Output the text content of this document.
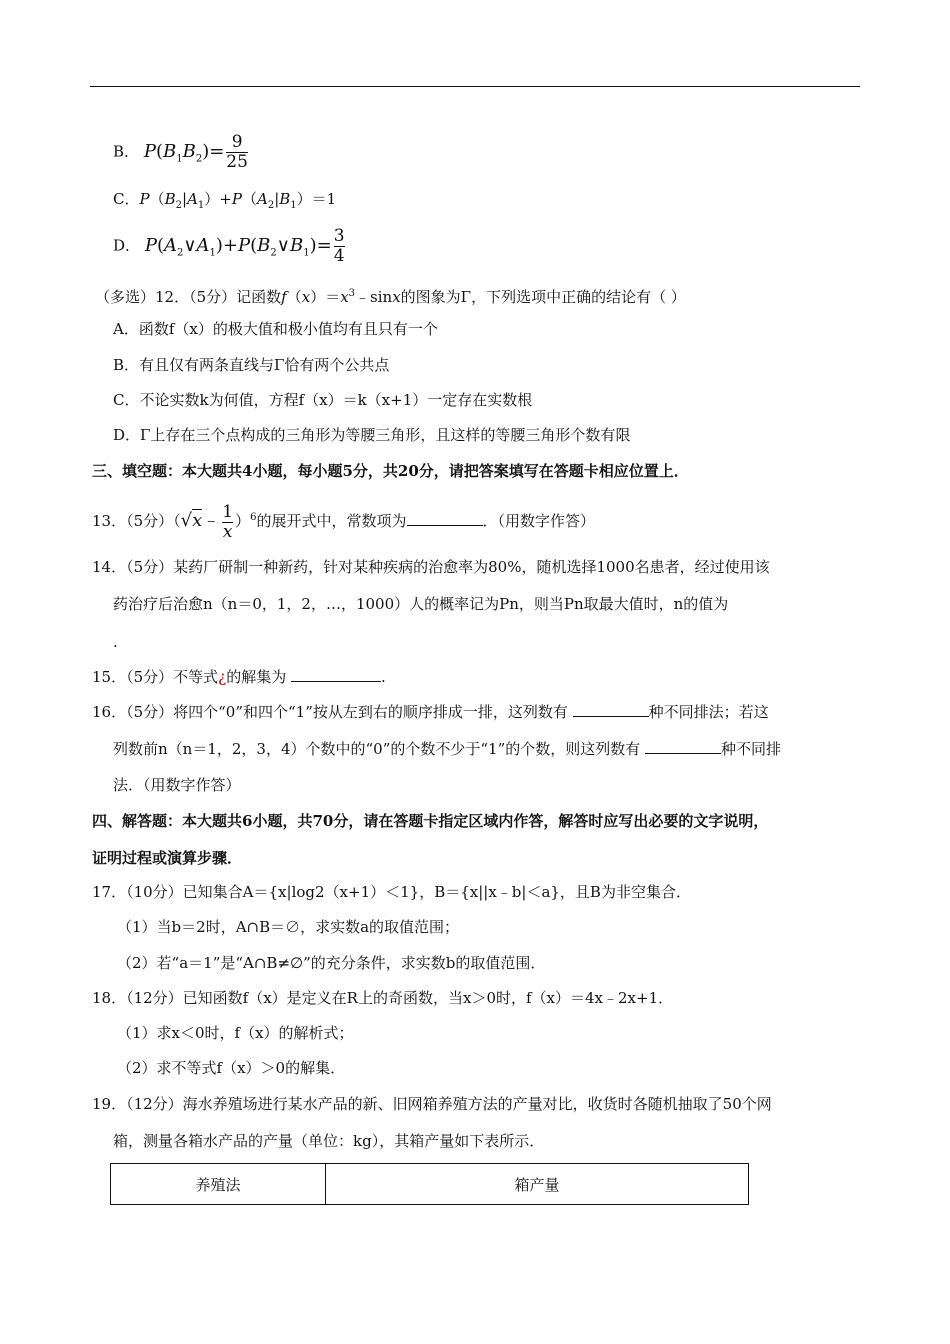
B． $P(B_1B_2)= \frac{9}{25}$
C．$P(B_2|A_1)+P(A_2|B_1)=1$
D． $P(A_2\vee A_1)+P(B_2\vee B_1)= \frac{3}{4}$
（多选）12．（5分）记函数$f(x)=x^3﹣\sin x$的图象为Γ，下列选项中正确的结论有（ ）
A．函数f（x）的极大值和极小值均有且只有一个
B．有且仅有两条直线与Γ恰有两个公共点
C．不论实数k为何值，方程f（x）＝k（x+1）一定存在实数根
D．Γ上存在三个点构成的三角形为等腰三角形，且这样的等腰三角形个数有限
三、填空题：本大题共4小题，每小题5分，共20分，请把答案填写在答题卡相应位置上．
13．（5分）（√x﹣ $\frac{1}{x} )^6$的展开式中，常数项为	．（用数字作答）
14．（5分）某药厂研制一种新药，针对某种疾病的治愈率为80%，随机选择1000名患者，经过使用该
药治疗后治愈n（n＝0，1，2，…，1000）人的概率记为Pn，则当Pn取最大值时，n的值为
.
15．（5分）不等式¿的解集为	.
16．（5分）将四个“0”和四个“1”按从左到右的顺序排成一排，这列数有	种不同排法；若这
列数前n（n＝1，2，3，4）个数中的“0”的个数不少于“1”的个数，则这列数有	种不同排
法．（用数字作答）
四、解答题：本大题共6小题，共70分，请在答题卡指定区域内作答，解答时应写出必要的文字说明，
证明过程或演算步骤．
17．（10分）已知集合A＝{x|log2（x+1）＜1}，B＝{x||x﹣b|＜a}，且B为非空集合．
（1）当b＝2时，A∩B＝∅，求实数a的取值范围；
（2）若“a＝1”是“A∩B≠∅”的充分条件，求实数b的取值范围．
18．（12分）已知函数f（x）是定义在R上的奇函数，当x＞0时，f（x）＝4x﹣2x+1．
（1）求x＜0时，f（x）的解析式；
（2）求不等式f（x）＞0的解集．
19．（12分）海水养殖场进行某水产品的新、旧网箱养殖方法的产量对比，收货时各随机抽取了50个网
箱，测量各箱水产品的产量（单位：kg），其箱产量如下表所示．
养殖法	箱产量
